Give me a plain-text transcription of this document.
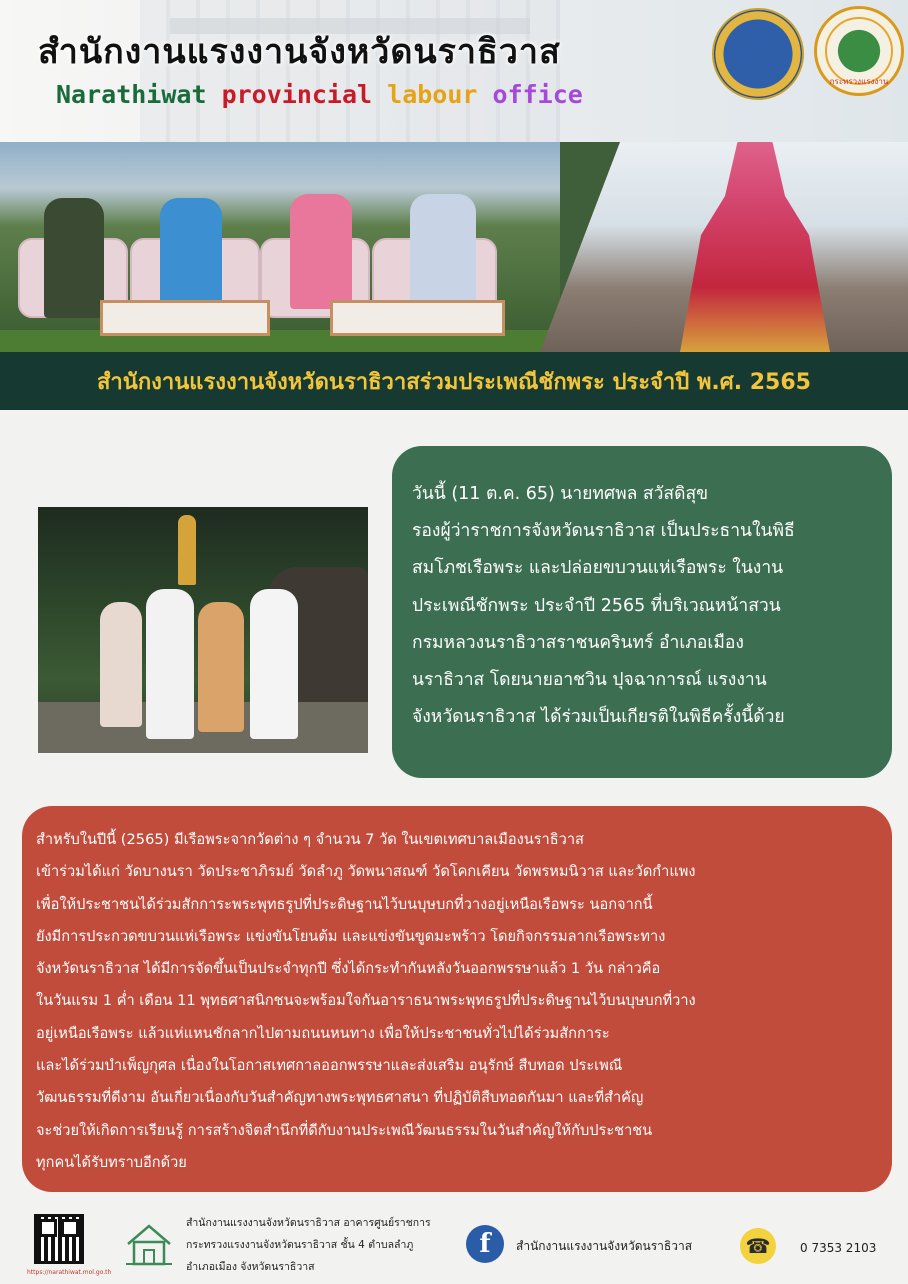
สำนักงานแรงงานจังหวัดนราธิวาส
Narathiwat provincial labour office	กระทรวงแรงงาน
สำนักงานแรงงานจังหวัดนราธิวาสร่วมประเพณีชักพระ ประจำปี พ.ศ. 2565

วันนี้ (11 ต.ค. 65) นายทศพล สวัสดิสุข
รองผู้ว่าราชการจังหวัดนราธิวาส เป็นประธานในพิธี
สมโภชเรือพระ และปล่อยขบวนแห่เรือพระ ในงาน
ประเพณีชักพระ ประจำปี 2565 ที่บริเวณหน้าสวน
กรมหลวงนราธิวาสราชนครินทร์ อำเภอเมือง
นราธิวาส โดยนายอาชวิน ปุจฉาการณ์ แรงงาน
จังหวัดนราธิวาส ได้ร่วมเป็นเกียรติในพิธีครั้งนี้ด้วย

สำหรับในปีนี้ (2565) มีเรือพระจากวัดต่าง ๆ จำนวน 7 วัด ในเขตเทศบาลเมืองนราธิวาส
เข้าร่วมได้แก่ วัดบางนรา วัดประชาภิรมย์ วัดลำภู วัดพนาสณฑ์ วัดโคกเคียน วัดพรหมนิวาส และวัดกำแพง
เพื่อให้ประชาชนได้ร่วมสักการะพระพุทธรูปที่ประดิษฐานไว้บนบุษบกที่วางอยู่เหนือเรือพระ นอกจากนี้
ยังมีการประกวดขบวนแห่เรือพระ แข่งขันโยนต้ม และแข่งขันขูดมะพร้าว โดยกิจกรรมลากเรือพระทาง
จังหวัดนราธิวาส ได้มีการจัดขึ้นเป็นประจำทุกปี ซึ่งได้กระทำกันหลังวันออกพรรษาแล้ว 1 วัน กล่าวคือ
ในวันแรม 1 ค่ำ เดือน 11 พุทธศาสนิกชนจะพร้อมใจกันอาราธนาพระพุทธรูปที่ประดิษฐานไว้บนบุษบกที่วาง
อยู่เหนือเรือพระ แล้วแห่แหนชักลากไปตามถนนหนทาง เพื่อให้ประชาชนทั่วไปได้ร่วมสักการะ
และได้ร่วมบำเพ็ญกุศล เนื่องในโอกาสเทศกาลออกพรรษาและส่งเสริม อนุรักษ์ สืบทอด ประเพณี
วัฒนธรรมที่ดีงาม อันเกี่ยวเนื่องกับวันสำคัญทางพระพุทธศาสนา ที่ปฏิบัติสืบทอดกันมา และที่สำคัญ
จะช่วยให้เกิดการเรียนรู้ การสร้างจิตสำนึกที่ดีกับงานประเพณีวัฒนธรรมในวันสำคัญให้กับประชาชน
ทุกคนได้รับทราบอีกด้วย

https://narathiwat.mol.go.th
สำนักงานแรงงานจังหวัดนราธิวาส อาคารศูนย์ราชการ
กระทรวงแรงงานจังหวัดนราธิวาส ชั้น 4 ตำบลลำภู
อำเภอเมือง จังหวัดนราธิวาส
f	สำนักงานแรงงานจังหวัดนราธิวาส	☎	0 7353 2103
